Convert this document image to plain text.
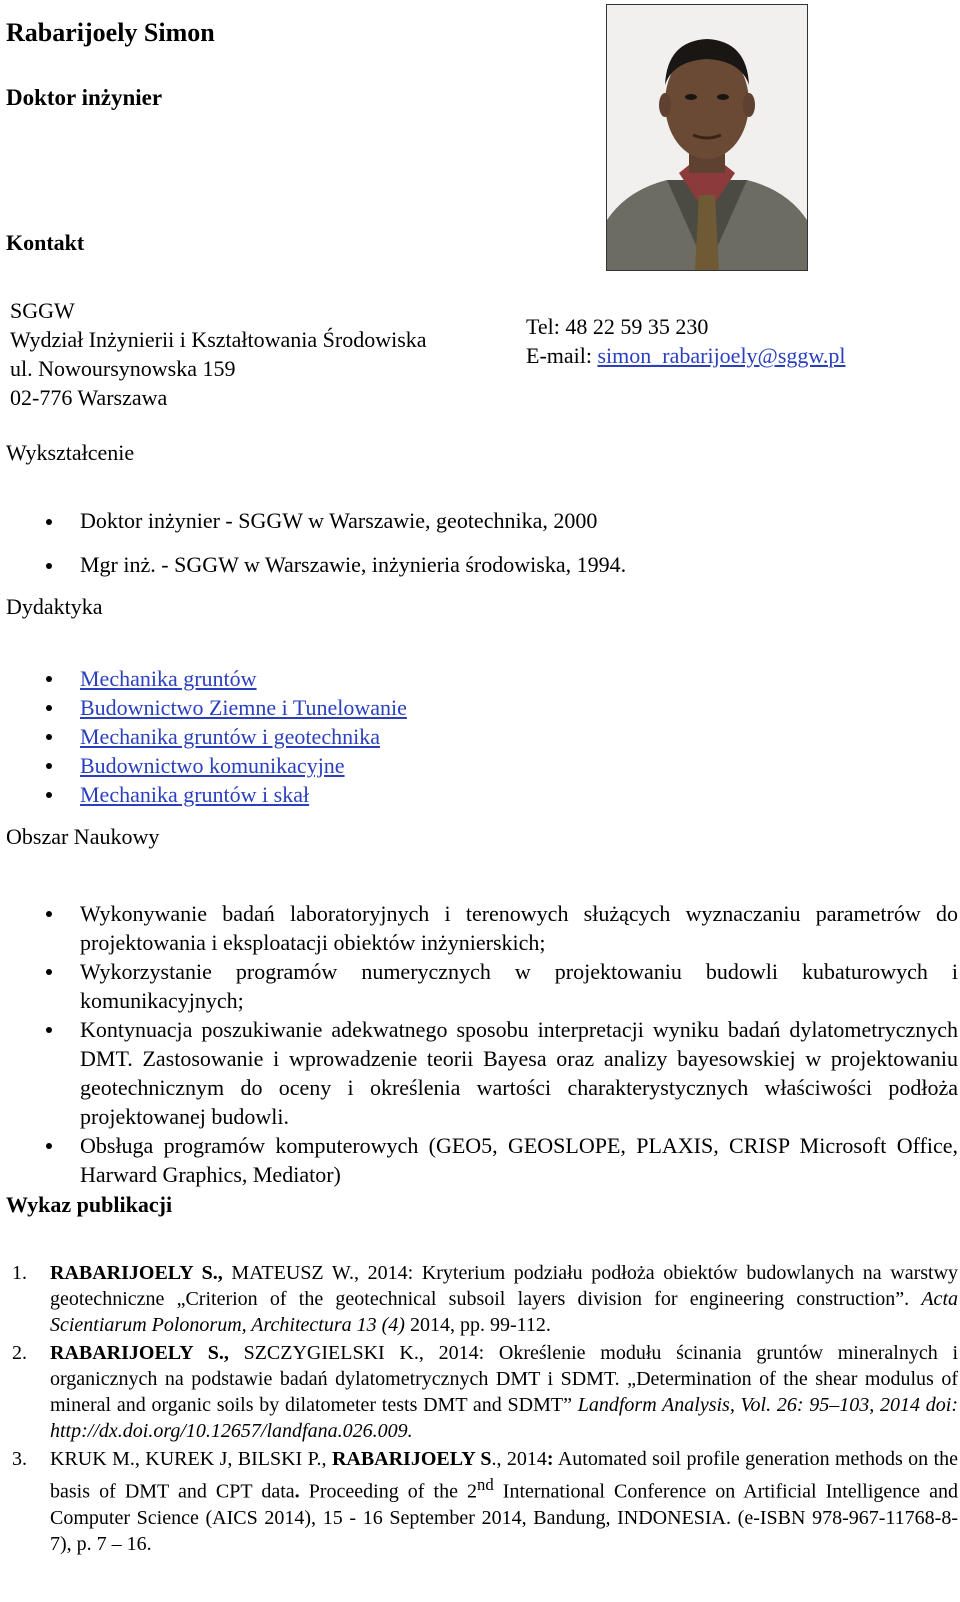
Rabarijoely Simon
Doktor inżynier
Kontakt
SGGW
Wydział Inżynierii i Kształtowania Środowiska
ul. Nowoursynowska 159
02-776 Warszawa
Tel: 48 22 59 35 230
E-mail: simon_rabarijoely@sggw.pl
Wykształcenie
Doktor inżynier - SGGW w Warszawie, geotechnika, 2000
Mgr inż. - SGGW w Warszawie, inżynieria środowiska, 1994.
Dydaktyka
Mechanika gruntów
Budownictwo Ziemne i Tunelowanie
Mechanika gruntów i geotechnika
Budownictwo komunikacyjne
Mechanika gruntów i skał
Obszar Naukowy
Wykonywanie badań laboratoryjnych i terenowych służących wyznaczaniu parametrów do projektowania i eksploatacji obiektów inżynierskich;
Wykorzystanie programów numerycznych w projektowaniu budowli kubaturowych i komunikacyjnych;
Kontynuacja poszukiwanie adekwatnego sposobu interpretacji wyniku badań dylatometrycznych DMT. Zastosowanie i wprowadzenie teorii Bayesa oraz analizy bayesowskiej w projektowaniu geotechnicznym do oceny i określenia wartości charakterystycznych właściwości podłoża projektowanej budowli.
Obsługa programów komputerowych (GEO5, GEOSLOPE, PLAXIS, CRISP Microsoft Office, Harward Graphics, Mediator)
Wykaz publikacji
1. RABARIJOELY S., MATEUSZ W., 2014: Kryterium podziału podłoża obiektów budowlanych na warstwy geotechniczne „Criterion of the geotechnical subsoil layers division for engineering construction”. Acta Scientiarum Polonorum, Architectura 13 (4) 2014, pp. 99-112.
2. RABARIJOELY S., SZCZYGIELSKI K., 2014: Określenie modułu ścinania gruntów mineralnych i organicznych na podstawie badań dylatometrycznych DMT i SDMT. „Determination of the shear modulus of mineral and organic soils by dilatometer tests DMT and SDMT” Landform Analysis, Vol. 26: 95–103, 2014 doi: http://dx.doi.org/10.12657/landfana.026.009.
3. KRUK M., KUREK J, BILSKI P., RABARIJOELY S., 2014: Automated soil profile generation methods on the basis of DMT and CPT data. Proceeding of the 2nd International Conference on Artificial Intelligence and Computer Science (AICS 2014), 15 - 16 September 2014, Bandung, INDONESIA. (e-ISBN 978-967-11768-8-7), p. 7 – 16.
